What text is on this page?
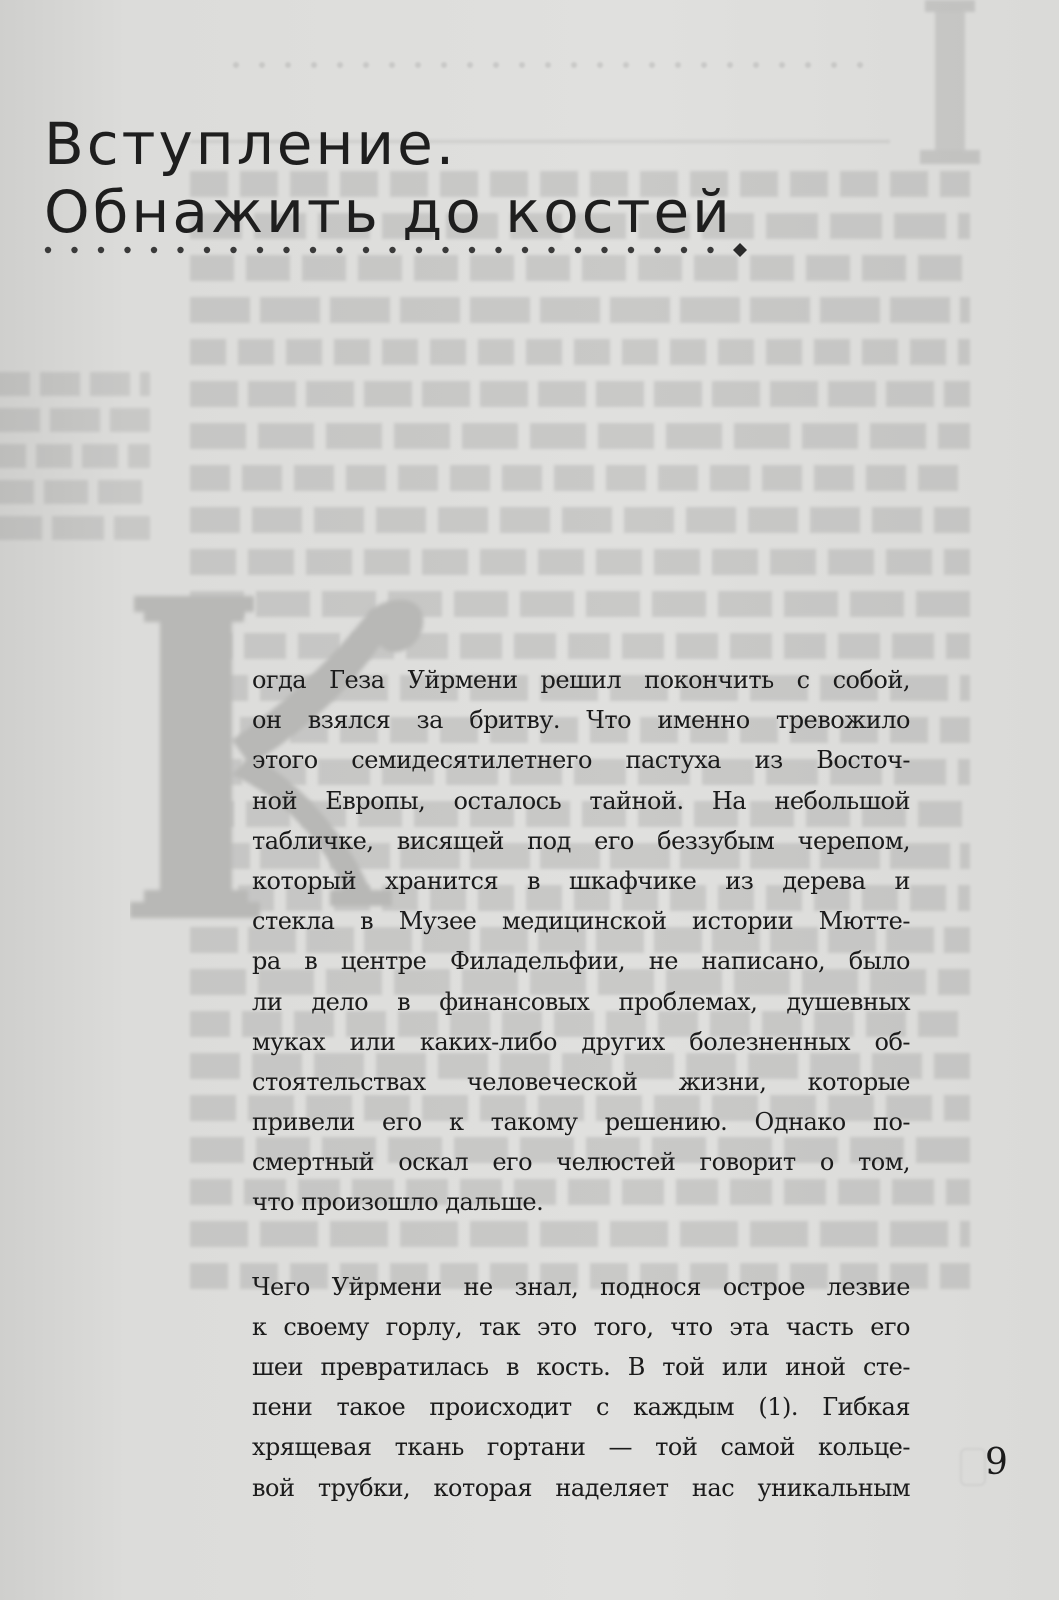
Вступление.
Обнажить до костей
огда Геза Уйрмени решил покончить с собой,
он взялся за бритву. Что именно тревожило
этого семидесятилетнего пастуха из Восточ-
ной Европы, осталось тайной. На небольшой
табличке, висящей под его беззубым черепом,
который хранится в шкафчике из дерева и
стекла в Музее медицинской истории Мютте-
ра в центре Филадельфии, не написано, было
ли дело в финансовых проблемах, душевных
муках или каких-либо других болезненных об-
стоятельствах человеческой жизни, которые
привели его к такому решению. Однако по-
смертный оскал его челюстей говорит о том,
что произошло дальше.
Чего Уйрмени не знал, поднося острое лезвие
к своему горлу, так это того, что эта часть его
шеи превратилась в кость. В той или иной сте-
пени такое происходит с каждым (1). Гибкая
хрящевая ткань гортани — той самой кольце-
вой трубки, которая наделяет нас уникальным
9
